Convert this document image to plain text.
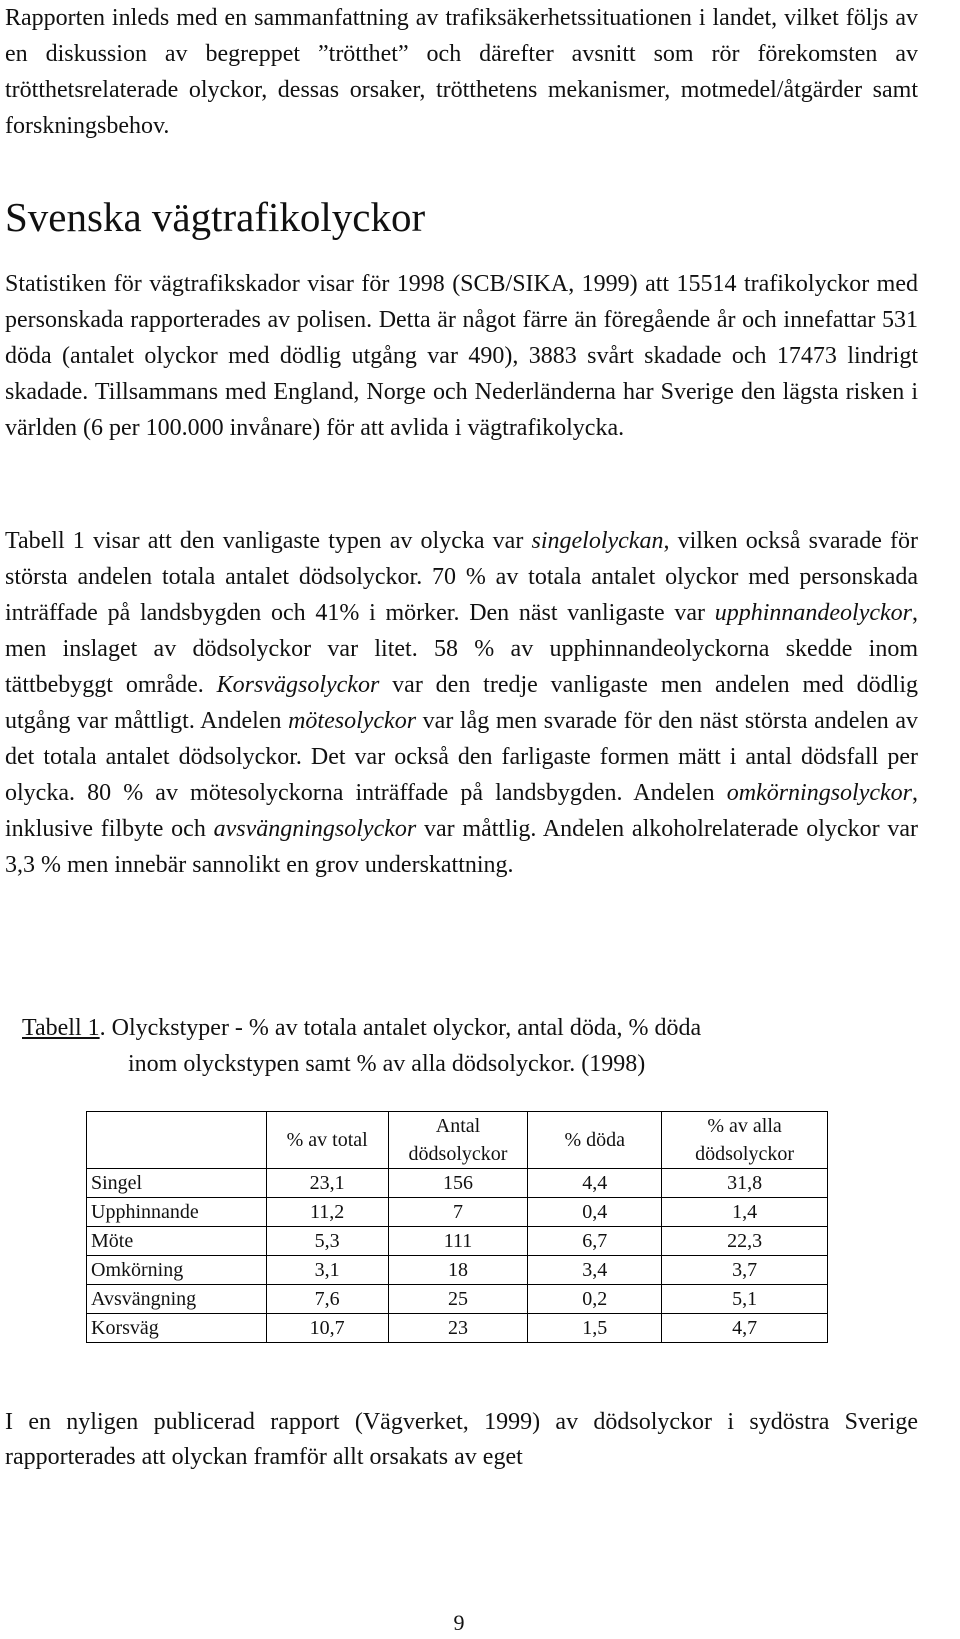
Rapporten inleds med en sammanfattning av trafiksäkerhetssituationen i landet, vilket följs av en diskussion av begreppet ”trötthet” och därefter avsnitt som rör förekomsten av trötthetsrelaterade olyckor, dessas orsaker, trötthetens mekanismer, motmedel/åtgärder samt forskningsbehov.

Svenska vägtrafikolyckor

Statistiken för vägtrafikskador visar för 1998 (SCB/SIKA, 1999) att 15514 trafikolyckor med personskada rapporterades av polisen. Detta är något färre än föregående år och innefattar 531 döda (antalet olyckor med dödlig utgång var 490), 3883 svårt skadade och 17473 lindrigt skadade. Tillsammans med England, Norge och Nederländerna har Sverige den lägsta risken i världen (6 per 100.000 invånare) för att avlida i vägtrafikolycka.

Tabell 1 visar att den vanligaste typen av olycka var singelolyckan, vilken också svarade för största andelen totala antalet dödsolyckor. 70 % av totala antalet olyckor med personskada inträffade på landsbygden och 41% i mörker. Den näst vanligaste var upphinnandeolyckor, men inslaget av dödsolyckor var litet. 58 % av upphinnandeolyckorna skedde inom tättbebyggt område. Korsvägsolyckor var den tredje vanligaste men andelen med dödlig utgång var måttligt. Andelen mötesolyckor var låg men svarade för den näst största andelen av det totala antalet dödsolyckor. Det var också den farligaste formen mätt i antal dödsfall per olycka. 80 % av mötesolyckorna inträffade på landsbygden. Andelen omkörningsolyckor, inklusive filbyte och avsvängningsolyckor var måttlig. Andelen alkoholrelaterade olyckor var 3,3 % men innebär sannolikt en grov underskattning.

Tabell 1. Olyckstyper - % av totala antalet olyckor, antal döda, % döda
inom olyckstypen samt % av alla dödsolyckor. (1998)

	% av total	Antal dödsolyckor	% döda	% av alla dödsolyckor
Singel	23,1	156	4,4	31,8
Upphinnande	11,2	7	0,4	1,4
Möte	5,3	111	6,7	22,3
Omkörning	3,1	18	3,4	3,7
Avsvängning	7,6	25	0,2	5,1
Korsväg	10,7	23	1,5	4,7

I en nyligen publicerad rapport (Vägverket, 1999) av dödsolyckor i sydöstra Sverige rapporterades att olyckan framför allt orsakats av eget

9
